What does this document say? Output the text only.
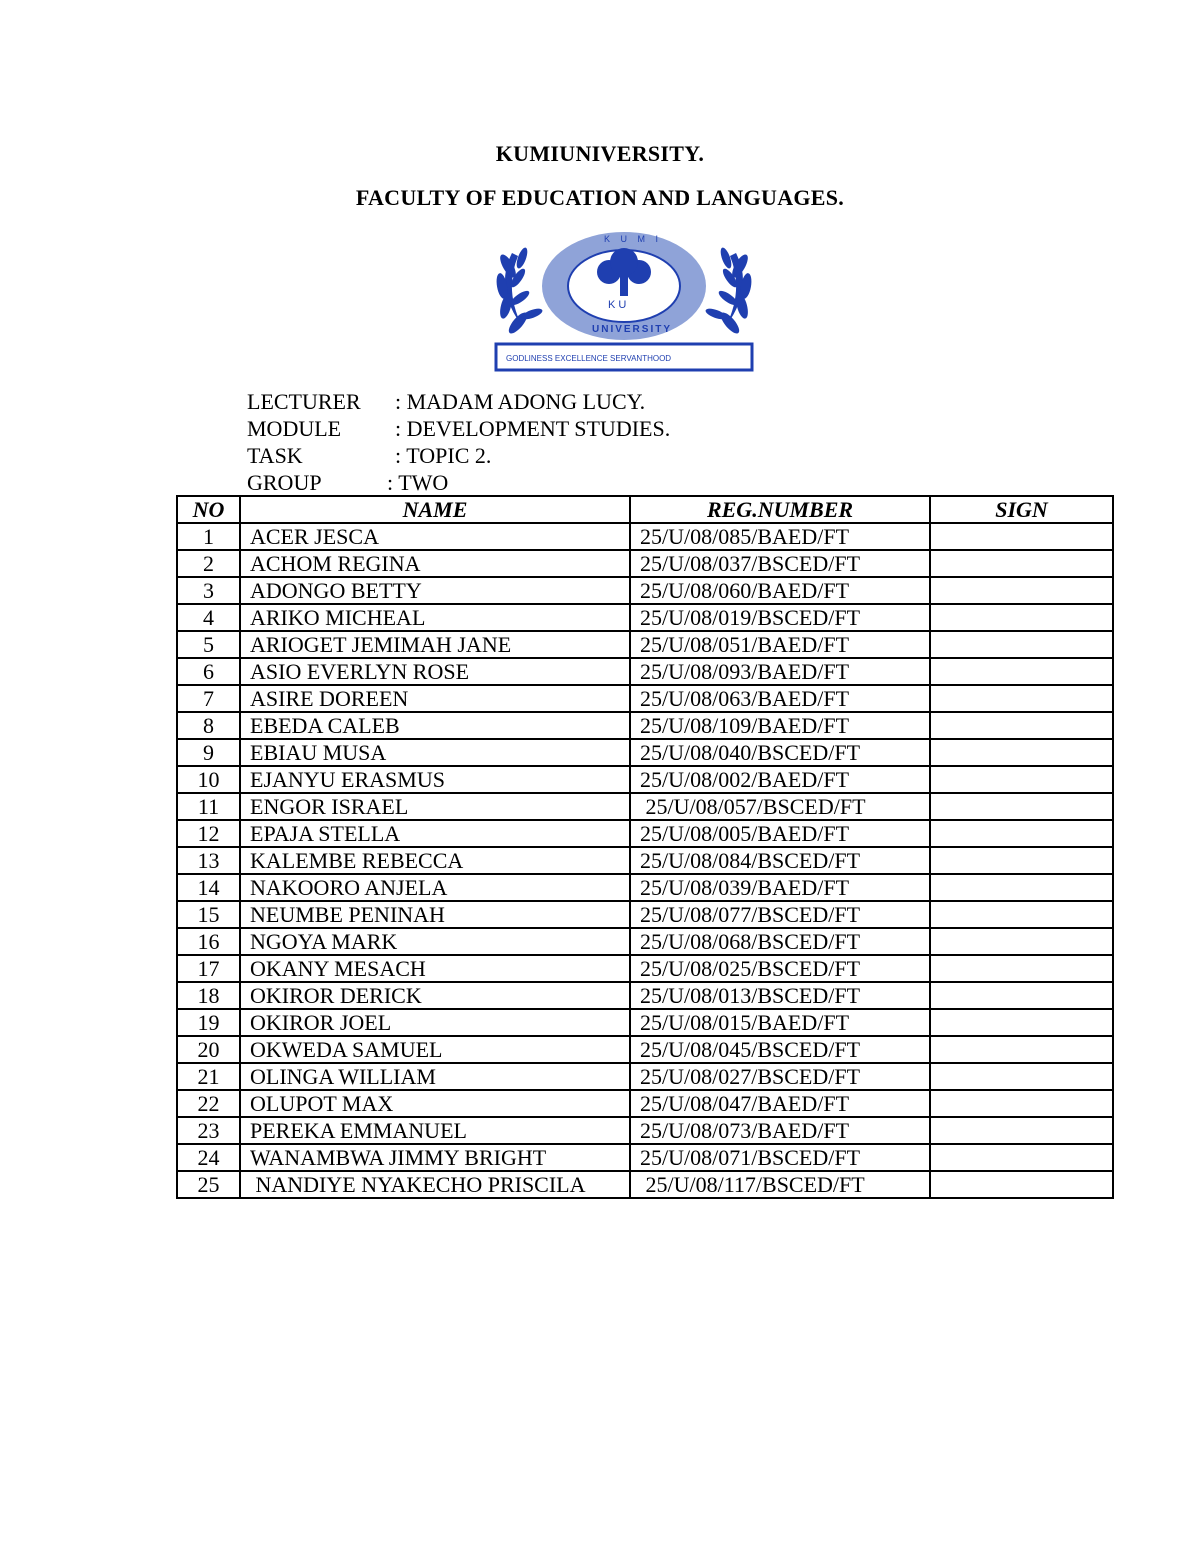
KUMIUNIVERSITY.
FACULTY OF EDUCATION AND LANGUAGES.
K U
K U M I
UNIVERSITY
GODLINESS EXCELLENCE SERVANTHOOD
LECTURER : MADAM ADONG LUCY.
MODULE : DEVELOPMENT STUDIES.
TASK	: TOPIC 2.
GROUP	: TWO
NO	NAME	REG.NUMBER	SIGN
1	ACER JESCA	25/U/08/085/BAED/FT	
2	ACHOM REGINA	25/U/08/037/BSCED/FT	
3	ADONGO BETTY	25/U/08/060/BAED/FT	
4	ARIKO MICHEAL	25/U/08/019/BSCED/FT	
5	ARIOGET JEMIMAH JANE	25/U/08/051/BAED/FT	
6	ASIO EVERLYN ROSE	25/U/08/093/BAED/FT	
7	ASIRE DOREEN	25/U/08/063/BAED/FT	
8	EBEDA CALEB	25/U/08/109/BAED/FT	
9	EBIAU MUSA	25/U/08/040/BSCED/FT	
10	EJANYU ERASMUS	25/U/08/002/BAED/FT	
11	ENGOR ISRAEL	25/U/08/057/BSCED/FT	
12	EPAJA STELLA	25/U/08/005/BAED/FT	
13	KALEMBE REBECCA	25/U/08/084/BSCED/FT	
14	NAKOORO ANJELA	25/U/08/039/BAED/FT	
15	NEUMBE PENINAH	25/U/08/077/BSCED/FT	
16	NGOYA MARK	25/U/08/068/BSCED/FT	
17	OKANY MESACH	25/U/08/025/BSCED/FT	
18	OKIROR DERICK	25/U/08/013/BSCED/FT	
19	OKIROR JOEL	25/U/08/015/BAED/FT	
20	OKWEDA SAMUEL	25/U/08/045/BSCED/FT	
21	OLINGA WILLIAM	25/U/08/027/BSCED/FT	
22	OLUPOT MAX	25/U/08/047/BAED/FT	
23	PEREKA EMMANUEL	25/U/08/073/BAED/FT	
24	WANAMBWA JIMMY BRIGHT	25/U/08/071/BSCED/FT	
25	NANDIYE NYAKECHO PRISCILA	25/U/08/117/BSCED/FT	
